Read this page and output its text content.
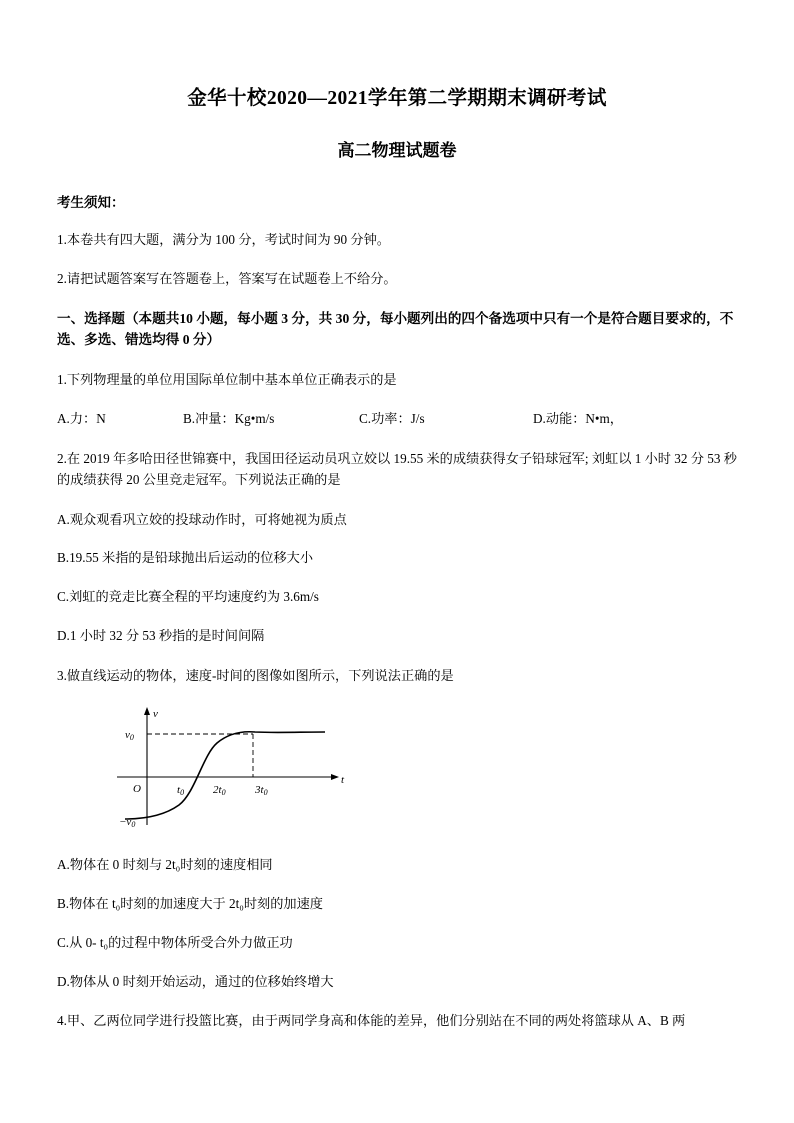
金华十校2020—2021学年第二学期期末调研考试
高二物理试题卷
考生须知：

1.本卷共有四大题，满分为 100 分，考试时间为 90 分钟。

2.请把试题答案写在答题卷上，答案写在试题卷上不给分。

一、选择题（本题共10 小题，每小题 3 分，共 30 分，每小题列出的四个备选项中只有一个是符合题目要求的，不选、多选、错选均得 0 分）

1.下列物理量的单位用国际单位制中基本单位正确表示的是

A.力：N	B.冲量：Kg•m/s	C.功率：J/s	D.动能：N•m，

2.在 2019 年多哈田径世锦赛中，我国田径运动员巩立姣以 19.55 米的成绩获得女子铅球冠军; 刘虹以 1 小时 32 分 53 秒的成绩获得 20 公里竞走冠军。下列说法正确的是

A.观众观看巩立姣的投球动作时，可将她视为质点

B.19.55 米指的是铅球抛出后运动的位移大小

C.刘虹的竞走比赛全程的平均速度约为 3.6m/s

D.1 小时 32 分 53 秒指的是时间间隔

3.做直线运动的物体，速度-时间的图像如图所示，下列说法正确的是

v
t
O
v0
−v0
t0	2t0	3t0

A.物体在 0 时刻与 2t₀时刻的速度相同

B.物体在 t₀时刻的加速度大于 2t₀时刻的加速度

C.从 0- t₀的过程中物体所受合外力做正功

D.物体从 0 时刻开始运动，通过的位移始终增大

4.甲、乙两位同学进行投篮比赛，由于两同学身高和体能的差异，他们分别站在不同的两处将篮球从 A、B 两
